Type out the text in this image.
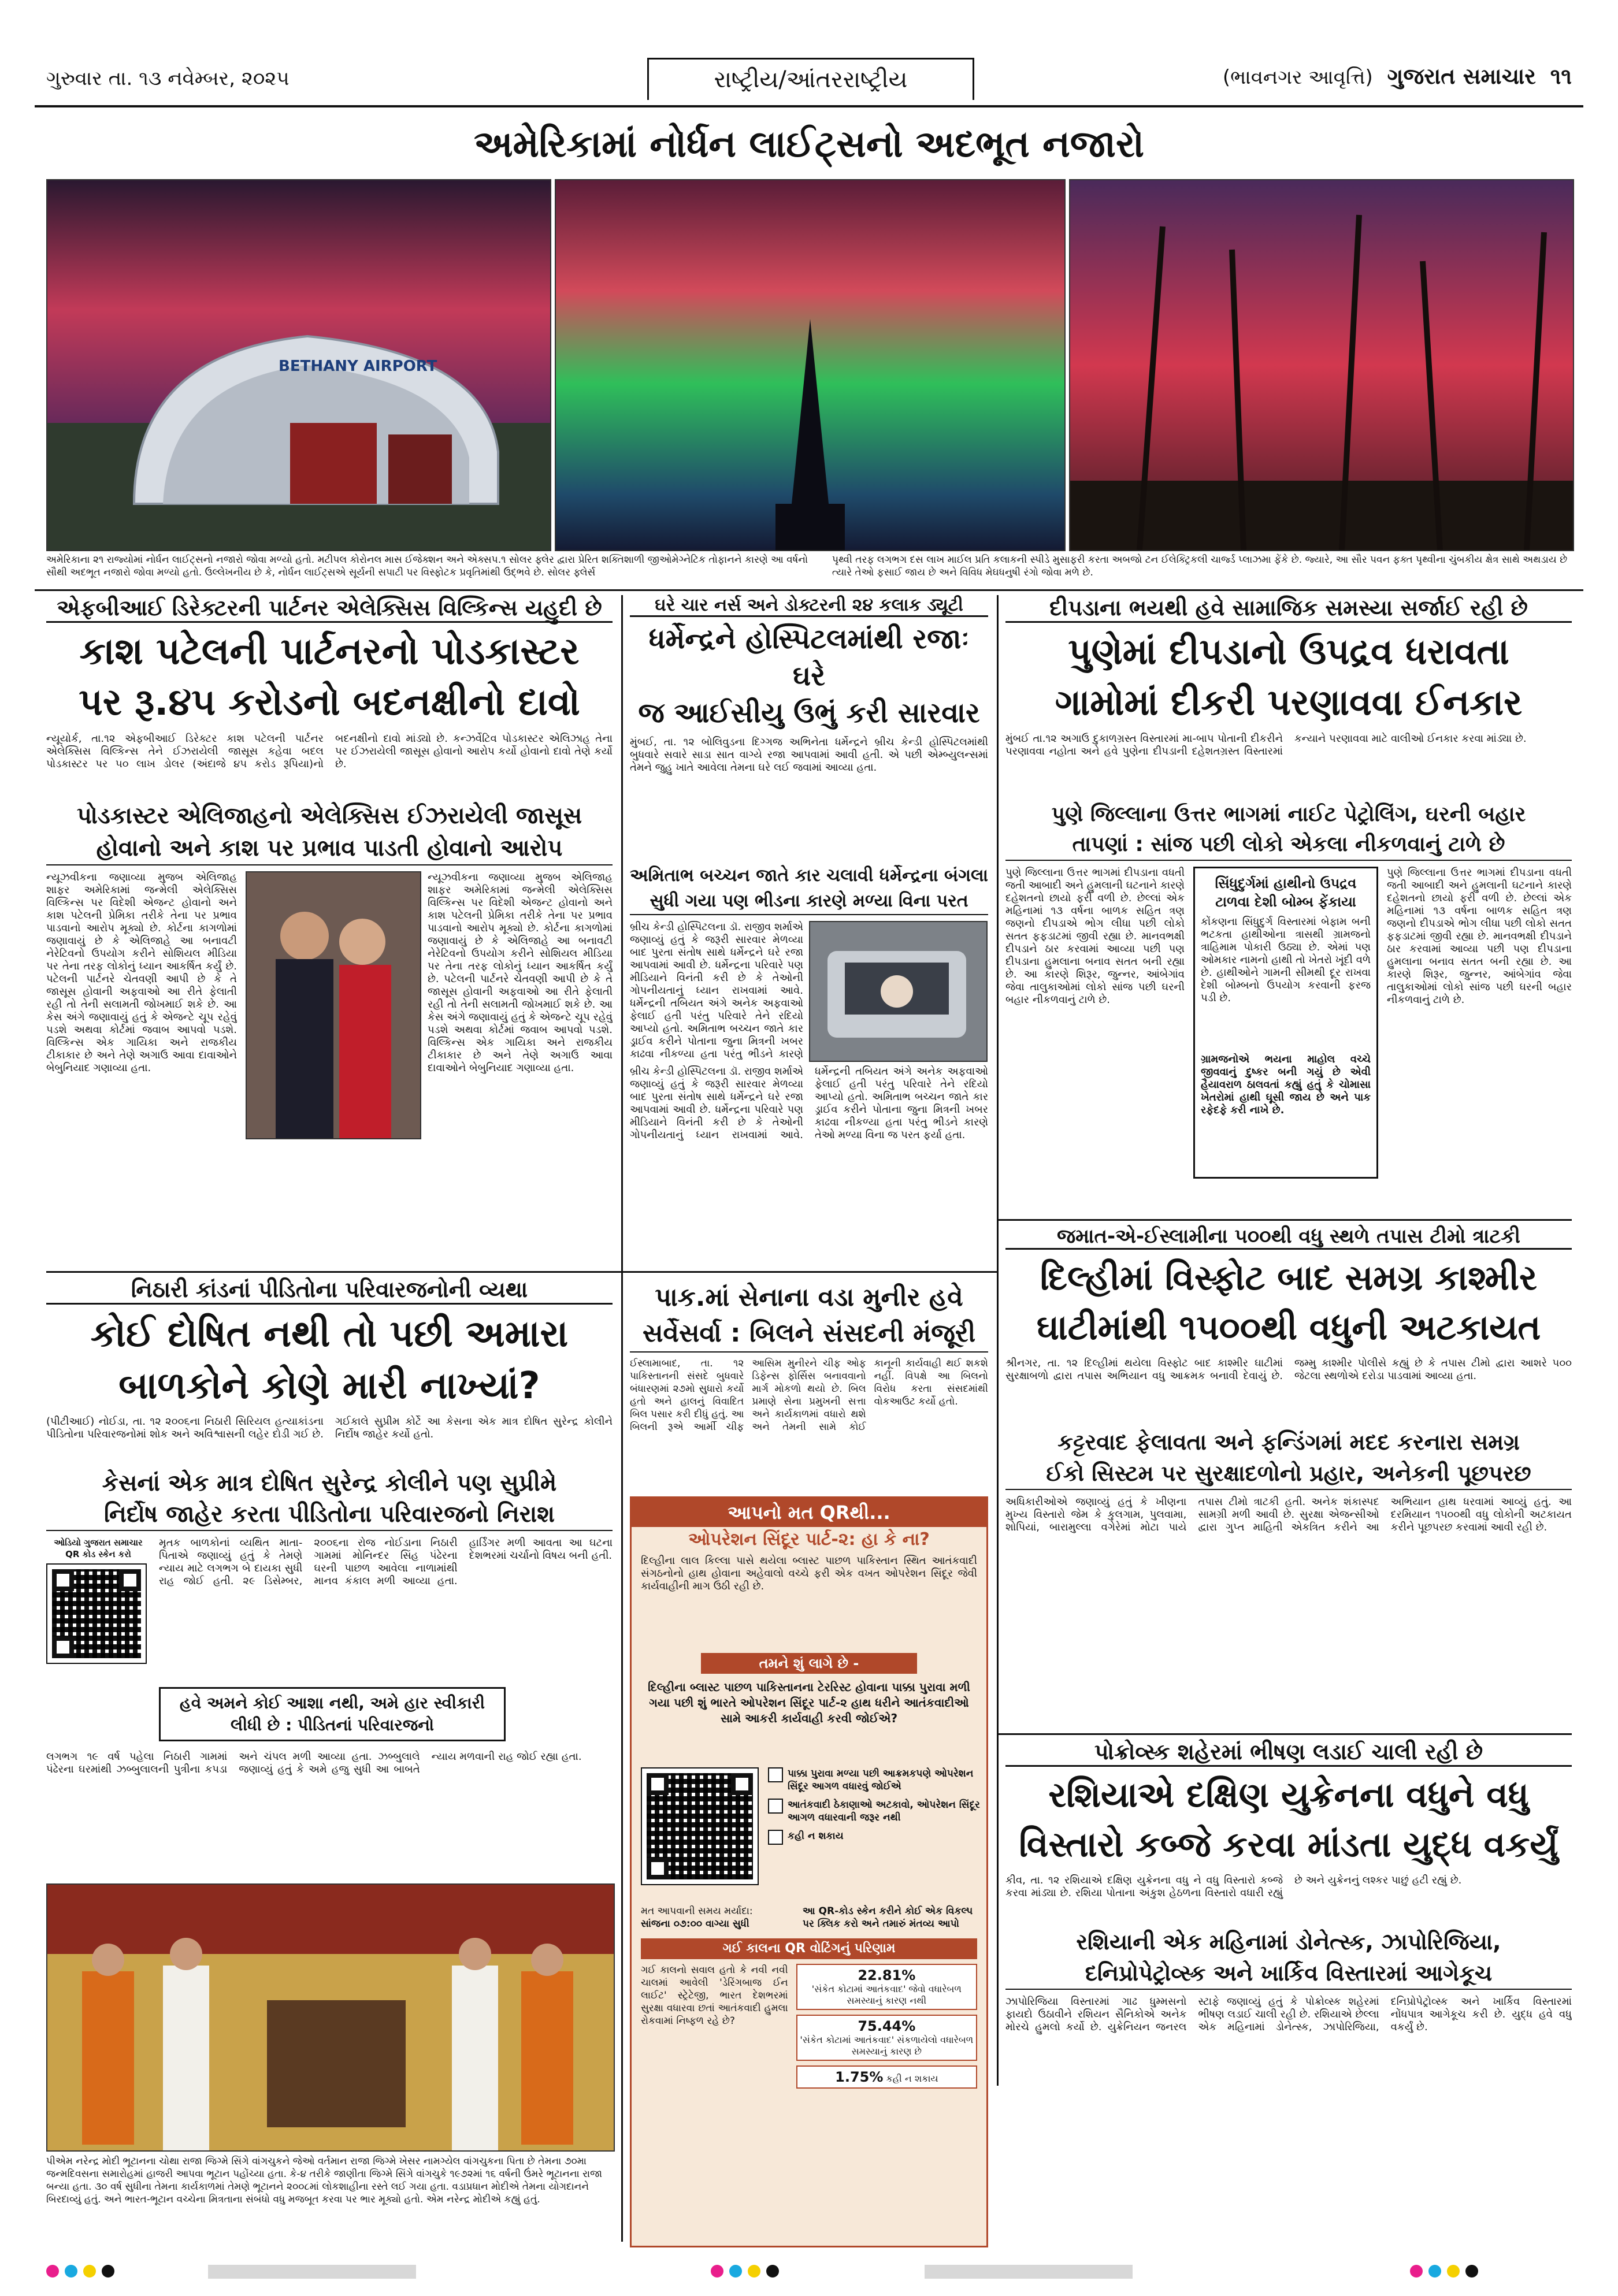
ગુરુવાર તા. ૧૩ નવેમ્બર, ૨૦૨૫	રાષ્ટ્રીય/આંતરરાષ્ટ્રીય	(ભાવનગર આવૃત્તિ) ગુજરાત સમાચાર ૧૧
અમેરિકામાં નોર્ધન લાઈટ્સનો અદભૂત નજારો
BETHANY AIRPORT
અમેરિકાના ૨૧ રાજ્યોમાં નોર્ધન લાઈટ્સનો નજારો જોવા મળ્યો હતો. મટીપલ કોરોનલ માસ ઈજેક્શન અને એક્સપ.૧ સોલર ફ્લેર દ્વારા પ્રેરિત શક્તિશાળી જીઓમેગ્નેટિક તોફાનને કારણે આ વર્ષનો સૌથી અદભૂત નજારો જોવા મળ્યો હતો. ઉલ્લેખનીય છે કે, નોર્ધન લાઈટ્સએ સૂર્યની સપાટી પર વિસ્ફોટક પ્રવૃતિમાંથી ઉદ્ભવે છે. સોલર ફ્લેર્સ
પૃથ્વી તરફ લગભગ દસ લાખ માઈલ પ્રતિ કલાકની સ્પીડે મુસાફરી કરતા અબજો ટન ઈલેક્ટ્રિકલી ચાર્જ્ડ પ્લાઝમા ફેંકે છે. જ્યારે, આ સૌર પવન ફક્ત પૃથ્વીના ચુંબકીય ક્ષેત્ર સાથે અથડાય છે ત્યારે તેઓ ફસાઈ જાય છે અને વિવિધ મેઘધનુષી રંગો જોવા મળે છે.
એફબીઆઈ ડિરેક્ટરની પાર્ટનર એલેક્સિસ વિલ્કિન્સ યહુદી છે
કાશ પટેલની પાર્ટનરનો પોડકાસ્ટર
પર રૂ.૪૫ કરોડનો બદનક્ષીનો દાવો
ન્યૂયોર્ક, તા.૧૨ એફબીઆઈ ડિરેક્ટર કાશ પટેલની પાર્ટનર એલેક્સિસ વિલ્કિન્સ તેને ઈઝરાયેલી જાસૂસ કહેવા બદલ પોડકાસ્ટર પર ૫૦ લાખ ડોલર (અંદાજે ૪૫ કરોડ રૂપિયા)નો બદનક્ષીનો દાવો માંડ્યો છે. કન્ઝર્વેટિવ પોડકાસ્ટર એલિઝાહ તેના પર ઈઝરાયેલી જાસૂસ હોવાનો આરોપ કર્યો હોવાનો દાવો તેણે કર્યો છે.
પોડકાસ્ટર એલિજાહનો એલેક્સિસ ઈઝરાયેલી જાસૂસ
હોવાનો અને કાશ પર પ્રભાવ પાડતી હોવાનો આરોપ
ન્યૂઝવીકના જણાવ્યા મુજબ એલિજાહ શાફર અમેરિકામાં જન્મેલી એલેક્સિસ વિલ્કિન્સ પર વિદેશી એજન્ટ હોવાનો અને કાશ પટેલની પ્રેમિકા તરીકે તેના પર પ્રભાવ પાડવાનો આરોપ મૂક્યો છે. કોર્ટના કાગળોમાં જણાવાયું છે કે એલિજાહે આ બનાવટી નેરેટિવનો ઉપયોગ કરીને સોશિયલ મીડિયા પર તેના તરફ લોકોનું ધ્યાન આકર્ષિત કર્યું છે. પટેલની પાર્ટનરે ચેતવણી આપી છે કે તે જાસૂસ હોવાની અફવાઓ આ રીતે ફેલાતી રહી તો તેની સલામતી જોખમાઈ શકે છે. આ કેસ અંગે જણાવાયું હતું કે એજન્ટે ચૂપ રહેવું પડશે અથવા કોર્ટમાં જવાબ આપવો પડશે. વિલ્કિન્સ એક ગાયિકા અને રાજકીય ટીકાકાર છે અને તેણે અગાઉ આવા દાવાઓને બેબુનિયાદ ગણાવ્યા હતા.
ન્યૂઝવીકના જણાવ્યા મુજબ એલિજાહ શાફર અમેરિકામાં જન્મેલી એલેક્સિસ વિલ્કિન્સ પર વિદેશી એજન્ટ હોવાનો અને કાશ પટેલની પ્રેમિકા તરીકે તેના પર પ્રભાવ પાડવાનો આરોપ મૂક્યો છે. કોર્ટના કાગળોમાં જણાવાયું છે કે એલિજાહે આ બનાવટી નેરેટિવનો ઉપયોગ કરીને સોશિયલ મીડિયા પર તેના તરફ લોકોનું ધ્યાન આકર્ષિત કર્યું છે. પટેલની પાર્ટનરે ચેતવણી આપી છે કે તે જાસૂસ હોવાની અફવાઓ આ રીતે ફેલાતી રહી તો તેની સલામતી જોખમાઈ શકે છે. આ કેસ અંગે જણાવાયું હતું કે એજન્ટે ચૂપ રહેવું પડશે અથવા કોર્ટમાં જવાબ આપવો પડશે. વિલ્કિન્સ એક ગાયિકા અને રાજકીય ટીકાકાર છે અને તેણે અગાઉ આવા દાવાઓને બેબુનિયાદ ગણાવ્યા હતા.
ઘરે ચાર નર્સ અને ડોક્ટરની ૨૪ કલાક ડ્યૂટી
ધર્મેન્દ્રને હોસ્પિટલમાંથી રજાઃ ઘરે
જ આઈસીયુ ઉભું કરી સારવાર
મુંબઈ, તા. ૧૨ બોલિવુડના દિગ્ગજ અભિનેતા ધર્મેન્દ્રને બ્રીચ કેન્ડી હોસ્પિટલમાંથી બુધવારે સવારે સાડા સાત વાગ્યે રજા આપવામાં આવી હતી. એ પછી એમ્બ્યુલન્સમાં તેમને જુહુ ખાતે આવેલા તેમના ઘરે લઈ જવામાં આવ્યા હતા.
અમિતાભ બચ્ચન જાતે કાર ચલાવી ધર્મેન્દ્રના બંગલા
સુધી ગયા પણ ભીડના કારણે મળ્યા વિના પરત
બ્રીચ કેન્ડી હોસ્પિટલના ડૉ. રાજીવ શર્માએ જણાવ્યું હતું કે જરૂરી સારવાર મેળવ્યા બાદ પુરતા સંતોષ સાથે ધર્મેન્દ્રને ઘરે રજા આપવામાં આવી છે. ધર્મેન્દ્રના પરિવારે પણ મીડિયાને વિનંતી કરી છે કે તેઓની ગોપનીયતાનું ધ્યાન રાખવામાં આવે. ધર્મેન્દ્રની તબિયત અંગે અનેક અફવાઓ ફેલાઈ હતી પરંતુ પરિવારે તેને રદિયો આપ્યો હતો. અમિતાભ બચ્ચન જાતે કાર ડ્રાઈવ કરીને પોતાના જુના મિત્રની ખબર કાઢવા નીકળ્યા હતા પરંતુ ભીડને કારણે
બ્રીચ કેન્ડી હોસ્પિટલના ડૉ. રાજીવ શર્માએ જણાવ્યું હતું કે જરૂરી સારવાર મેળવ્યા બાદ પુરતા સંતોષ સાથે ધર્મેન્દ્રને ઘરે રજા આપવામાં આવી છે. ધર્મેન્દ્રના પરિવારે પણ મીડિયાને વિનંતી કરી છે કે તેઓની ગોપનીયતાનું ધ્યાન રાખવામાં આવે. ધર્મેન્દ્રની તબિયત અંગે અનેક અફવાઓ ફેલાઈ હતી પરંતુ પરિવારે તેને રદિયો આપ્યો હતો. અમિતાભ બચ્ચન જાતે કાર ડ્રાઈવ કરીને પોતાના જુના મિત્રની ખબર કાઢવા નીકળ્યા હતા પરંતુ ભીડને કારણે તેઓ મળ્યા વિના જ પરત ફર્યા હતા.
દીપડાના ભયથી હવે સામાજિક સમસ્યા સર્જાઈ રહી છે
પુણેમાં દીપડાનો ઉપદ્રવ ધરાવતા
ગામોમાં દીકરી પરણાવવા ઈનકાર
મુંબઈ તા.૧૨ અગાઉ દુકાળગ્રસ્ત વિસ્તારમાં મા-બાપ પોતાની દીકરીને પરણાવવા નહોતા અને હવે પુણેના દીપડાની દહેશતગ્રસ્ત વિસ્તારમાં કન્યાને પરણાવવા માટે વાલીઓ ઈનકાર કરવા માંડ્યા છે.
પુણે જિલ્લાના ઉત્તર ભાગમાં નાઈટ પેટ્રોલિંગ, ઘરની બહાર
તાપણાં : સાંજ પછી લોકો એકલા નીકળવાનું ટાળે છે
પુણે જિલ્લાના ઉત્તર ભાગમાં દીપડાના વધતી જતી આબાદી અને હુમલાની ઘટનાને કારણે દહેશતનો છાયો ફરી વળી છે. છેલ્લાં એક મહિનામાં ૧૩ વર્ષના બાળક સહિત ત્રણ જણનો દીપડાએ ભોગ લીધા પછી લોકો સતત ફફડાટમાં જીવી રહ્યા છે. માનવભક્ષી દીપડાને ઠાર કરવામાં આવ્યા પછી પણ દીપડાના હુમલાના બનાવ સતત બની રહ્યા છે. આ કારણે શિરૂર, જુન્નર, આંબેગાંવ જેવા તાલુકાઓમાં લોકો સાંજ પછી ઘરની બહાર નીકળવાનું ટાળે છે.
સિંધુદુર્ગમાં હાથીનો ઉપદ્રવ ટાળવા દેશી બોમ્બ ફેંકાયા
કોંકણના સિંધુદુર્ગ વિસ્તારમાં બેફામ બની ભટકતા હાથીઓના ત્રાસથી ગ્રામજનો ત્રાહિમામ પોકારી ઉઠ્યા છે. એમાં પણ ઓમકાર નામનો હાથી તો ખેતરો ખૂંદી વળે છે. હાથીઓને ગામની સીમથી દૂર રાખવા દેશી બોમ્બનો ઉપયોગ કરવાની ફરજ પડી છે.
ગ્રામજનોએ ભયના માહોલ વચ્ચે જીવવાનું દુષ્કર બની ગયું છે એવી હૈયાવરાળ ઠાલવતાં કહ્યું હતું કે ચોમાસા ખેતરોમાં હાથી ઘૂસી જાય છે અને પાક રફેદફે કરી નાખે છે.
પુણે જિલ્લાના ઉત્તર ભાગમાં દીપડાના વધતી જતી આબાદી અને હુમલાની ઘટનાને કારણે દહેશતનો છાયો ફરી વળી છે. છેલ્લાં એક મહિનામાં ૧૩ વર્ષના બાળક સહિત ત્રણ જણનો દીપડાએ ભોગ લીધા પછી લોકો સતત ફફડાટમાં જીવી રહ્યા છે. માનવભક્ષી દીપડાને ઠાર કરવામાં આવ્યા પછી પણ દીપડાના હુમલાના બનાવ સતત બની રહ્યા છે. આ કારણે શિરૂર, જુન્નર, આંબેગાંવ જેવા તાલુકાઓમાં લોકો સાંજ પછી ઘરની બહાર નીકળવાનું ટાળે છે.
નિઠારી કાંડનાં પીડિતોના પરિવારજનોની વ્યથા
કોઈ દોષિત નથી તો પછી અમારા
બાળકોને કોણે મારી નાખ્યાં?
(પીટીઆઈ) નોઈડા, તા. ૧૨ ૨૦૦૬ના નિઠારી સિરિયલ હત્યાકાંડના પીડિતોના પરિવારજનોમાં શોક અને અવિશ્વાસની લહેર દોડી ગઈ છે. ગઈકાલે સુપ્રીમ કોર્ટે આ કેસના એક માત્ર દોષિત સુરેન્દ્ર કોલીને નિર્દોષ જાહેર કર્યો હતો.
કેસનાં એક માત્ર દોષિત સુરેન્દ્ર કોલીને પણ સુપ્રીમે
નિર્દોષ જાહેર કરતા પીડિતોના પરિવારજનો નિરાશ
ઓડિયો ગુજરાત સમાચાર QR કોડ સ્કેન કરો
મૃતક બાળકોનાં વ્યથિત માતા-પિતાએ જણાવ્યું હતું કે તેમણે ન્યાય માટે લગભગ બે દાયકા સુધી રાહ જોઈ હતી. ૨૯ ડિસેમ્બર, ૨૦૦૬ના રોજ નોઈડાના નિઠારી ગામમાં મોનિન્દર સિંહ પંઢેરના ઘરની પાછળ આવેલા નાળામાંથી માનવ કંકાલ મળી આવ્યા હતા. હાર્ડિંગર મળી આવતા આ ઘટના દેશભરમાં ચર્ચાનો વિષય બની હતી.
હવે અમને કોઈ આશા નથી, અમે હાર સ્વીકારી લીધી છે : પીડિતનાં પરિવારજનો
લગભગ ૧૯ વર્ષ પહેલા નિઠારી ગામમાં પંઢેરના ઘરમાંથી ઝબ્બુલાલની પુત્રીના કપડા અને ચંપલ મળી આવ્યા હતા. ઝબ્બુલાલે જણાવ્યું હતું કે અમે હજુ સુધી આ બાબતે ન્યાય મળવાની રાહ જોઈ રહ્યા હતા.
પીએમ નરેન્દ્ર મોદી ભૂટાનના ચોથા રાજા જિગ્મે સિંગે વાંગચુકને જેઓ વર્તમાન રાજા જિગ્મે ખેસર નામગ્યેલ વાંગચુકના પિતા છે તેમના ૭૦મા જન્મદિવસના સમારોહમાં હાજરી આપવા ભૂટાન પહોંચ્યા હતા. કે-૪ તરીકે જાણીતા જિગ્મે સિંગે વાંગચુકે ૧૯૭૨માં ૧૬ વર્ષની ઉંમરે ભૂટાનના રાજા બન્યા હતા. ૩૦ વર્ષ સુધીના તેમના કાર્યકાળમાં તેમણે ભૂટાનને ૨૦૦૮માં લોકશાહીના રસ્તે લઈ ગયા હતા. વડાપ્રધાન મોદીએ તેમના યોગદાનને બિરદાવ્યું હતું. અને ભારત-ભૂટાન વચ્ચેના મિત્રતાના સંબંધો વધુ મજબૂત કરવા પર ભાર મૂક્યો હતો. એમ નરેન્દ્ર મોદીએ કહ્યું હતું.
પાક.માં સેનાના વડા મુનીર હવે
સર્વેસર્વા : બિલને સંસદની મંજૂરી
ઈસ્લામાબાદ, તા. ૧૨ પાકિસ્તાનની સંસદે બુધવારે બંધારણમાં ૨૭મો સુધારો કર્યો હતો અને હાલનું વિવાદિત બિલ પસાર કરી દીધું હતું. આ બિલની રૂએ આર્મી ચીફ આસિમ મુનીરને ચીફ ઓફ ડિફેન્સ ફોર્સિસ બનાવવાનો માર્ગ મોકળો થયો છે. બિલ પ્રમાણે સેના પ્રમુખની સત્તા અને કાર્યકાળમાં વધારો થશે અને તેમની સામે કોઈ કાનૂની કાર્યવાહી થઈ શકશે નહીં. વિપક્ષે આ બિલનો વિરોધ કરતા સંસદમાંથી વોકઆઉટ કર્યો હતો.
આપનો મત QRથી...
ઓપરેશન સિંદૂર પાર્ટ-૨: હા કે ના?
દિલ્હીના લાલ કિલ્લા પાસે થયેલા બ્લાસ્ટ પાછળ પાકિસ્તાન સ્થિત આતંકવાદી સંગઠનોનો હાથ હોવાના અહેવાલો વચ્ચે ફરી એક વખત ઓપરેશન સિંદૂર જેવી કાર્યવાહીની માગ ઉઠી રહી છે.
તમને શું લાગે છે -
દિલ્હીના બ્લાસ્ટ પાછળ પાકિસ્તાનના ટેરરિસ્ટ હોવાના પાક્કા પુરાવા મળી ગયા પછી શું ભારતે ઓપરેશન સિંદૂર પાર્ટ-૨ હાથ ધરીને આતંકવાદીઓ સામે આકરી કાર્યવાહી કરવી જોઈએ?
પાક્કા પુરાવા મળ્યા પછી આક્રમકપણે ઓપરેશન સિંદૂર આગળ વધારવું જોઈએ
આતંકવાદી ઠેકાણાઓ અટકાવો, ઓપરેશન સિંદૂર આગળ વધારવાની જરૂર નથી
કહી ન શકાય
મત આપવાની સમય મર્યાદા:
સાંજના ૦૭:૦૦ વાગ્યા સુધી
આ QR-કોડ સ્કેન કરીને કોઈ એક વિકલ્પ પર ક્લિક કરો અને તમારું મંતવ્ય આપો
ગઈ કાલના QR વોટિંગનું પરિણામ
ગઈ કાલનો સવાલ હતો કે નવી નવી ચાલમાં આવેલી 'ડેરિંગબાજ ઈન લાઈટ' સ્ટ્રેટેજી, ભારત દેશભરમાં સુરક્ષા વધારવા છતાં આતંકવાદી હુમલા રોકવામાં નિષ્ફળ રહે છે?
22.81%
'સંકેત કોટામાં આતંકવાદ' જેવો વધારેબળ સમસ્યાનું કારણ નથી
75.44%
'સંકેત કોટામાં આતંકવાદ' સંકળાયેલો વધારેબળ સમસ્યાનું કારણ છે
1.75% કહી ન શકાય
જમાત-એ-ઈસ્લામીના ૫૦૦થી વધુ સ્થળે તપાસ ટીમો ત્રાટકી
દિલ્હીમાં વિસ્ફોટ બાદ સમગ્ર કાશ્મીર
ઘાટીમાંથી ૧૫૦૦થી વધુની અટકાયત
શ્રીનગર, તા. ૧૨ દિલ્હીમાં થયેલા વિસ્ફોટ બાદ કાશ્મીર ઘાટીમાં સુરક્ષાબળો દ્વારા તપાસ અભિયાન વધુ આક્રમક બનાવી દેવાયું છે. જમ્મુ કાશ્મીર પોલીસે કહ્યું છે કે તપાસ ટીમો દ્વારા આશરે ૫૦૦ જેટલા સ્થળોએ દરોડા પાડવામાં આવ્યા હતા.
કટ્ટરવાદ ફેલાવતા અને ફન્ડિંગમાં મદદ કરનારા સમગ્ર
ઈકો સિસ્ટમ પર સુરક્ષાદળોનો પ્રહાર, અનેકની પૂછપરછ
અધિકારીઓએ જણાવ્યું હતું કે ખીણના મુખ્ય વિસ્તારો જેમ કે કુલગામ, પુલવામા, શોપિયાં, બારામુલ્લા વગેરેમાં મોટા પાયે તપાસ ટીમો ત્રાટકી હતી. અનેક શંકાસ્પદ સામગ્રી મળી આવી છે. સુરક્ષા એજન્સીઓ દ્વારા ગુપ્ત માહિતી એકત્રિત કરીને આ અભિયાન હાથ ધરવામાં આવ્યું હતું. આ દરમિયાન ૧૫૦૦થી વધુ લોકોની અટકાયત કરીને પૂછપરછ કરવામાં આવી રહી છે.
પોક્રોવ્સ્ક શહેરમાં ભીષણ લડાઈ ચાલી રહી છે
રશિયાએ દક્ષિણ યુક્રેનના વધુને વધુ
વિસ્તારો કબ્જે કરવા માંડતા યુદ્ધ વકર્યું
કીવ, તા. ૧૨ રશિયાએ દક્ષિણ યુક્રેનના વધુ ને વધુ વિસ્તારો કબ્જે કરવા માંડ્યા છે. રશિયા પોતાના અંકુશ હેઠળના વિસ્તારો વધારી રહ્યું છે અને યુક્રેનનું લશ્કર પાછું હટી રહ્યું છે.
રશિયાની એક મહિનામાં ડોનેત્સ્ક, ઝાપોરિજિયા,
દનિપ્રોપેટ્રોવ્સ્ક અને ખાર્કિવ વિસ્તારમાં આગેકૂચ
ઝાપોરિજિયા વિસ્તારમાં ગાઢ ધુમ્મસનો ફાયદો ઉઠાવીને રશિયન સૈનિકોએ અનેક મોરચે હુમલો કર્યો છે. યુક્રેનિયન જનરલ સ્ટાફે જણાવ્યું હતું કે પોક્રોવ્સ્ક શહેરમાં ભીષણ લડાઈ ચાલી રહી છે. રશિયાએ છેલ્લા એક મહિનામાં ડોનેત્સ્ક, ઝાપોરિજિયા, દનિપ્રોપેટ્રોવ્સ્ક અને ખાર્કિવ વિસ્તારમાં નોંધપાત્ર આગેકૂચ કરી છે. યુદ્ધ હવે વધુ વકર્યું છે.
